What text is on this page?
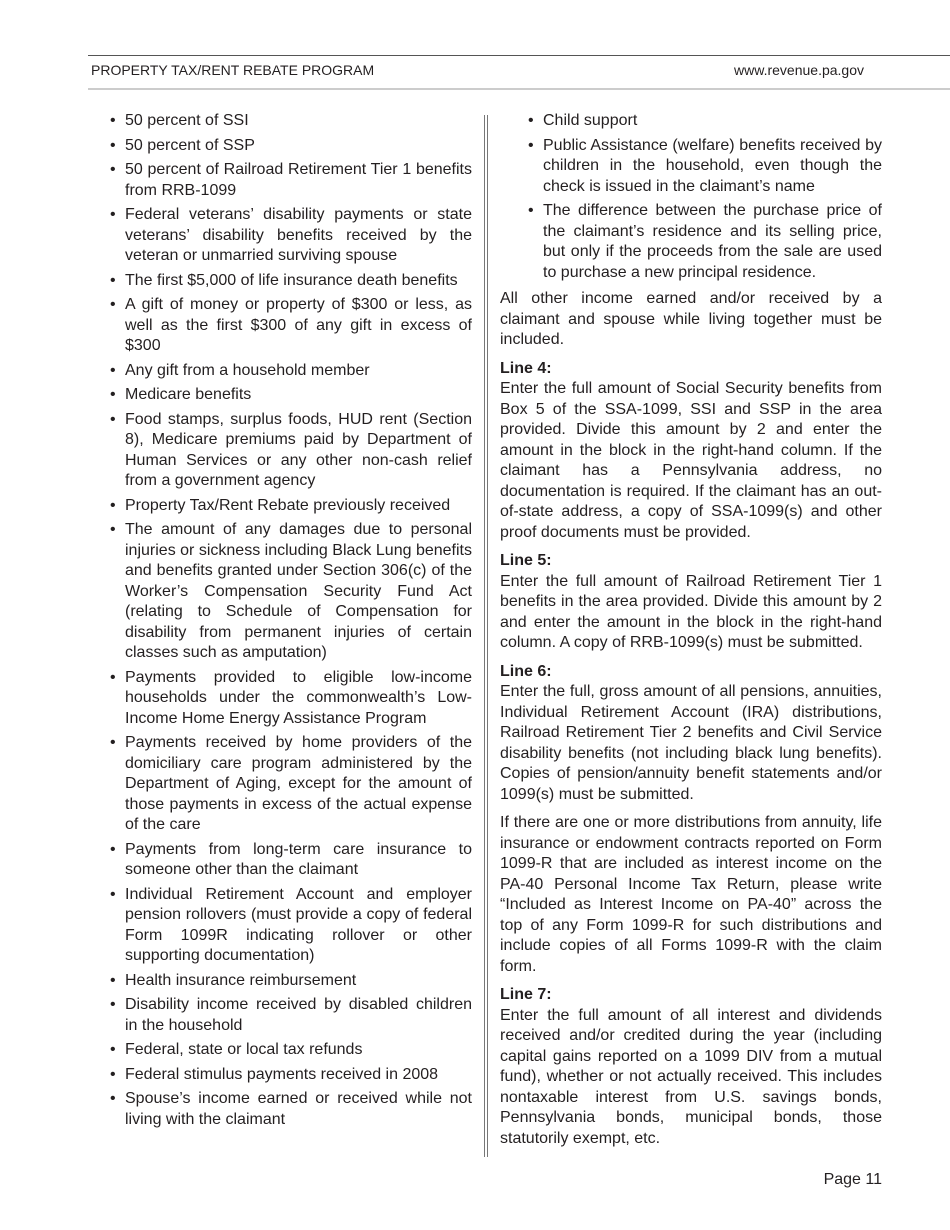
PROPERTY TAX/RENT REBATE PROGRAM	www.revenue.pa.gov
• 50 percent of SSI
• 50 percent of SSP
• 50 percent of Railroad Retirement Tier 1 benefits from RRB-1099
• Federal veterans’ disability payments or state veterans’ disability benefits received by the veteran or unmarried surviving spouse
• The first $5,000 of life insurance death benefits
• A gift of money or property of $300 or less, as well as the first $300 of any gift in excess of $300
• Any gift from a household member
• Medicare benefits
• Food stamps, surplus foods, HUD rent (Section 8), Medicare premiums paid by Department of Human Services or any other non-cash relief from a government agency
• Property Tax/Rent Rebate previously received
• The amount of any damages due to personal injuries or sickness including Black Lung benefits and benefits granted under Section 306(c) of the Worker’s Compensation Security Fund Act (relating to Schedule of Compensation for disability from permanent injuries of certain classes such as amputation)
• Payments provided to eligible low-income households under the commonwealth’s Low-Income Home Energy Assistance Program
• Payments received by home providers of the domiciliary care program administered by the Department of Aging, except for the amount of those payments in excess of the actual expense of the care
• Payments from long-term care insurance to someone other than the claimant
• Individual Retirement Account and employer pension rollovers (must provide a copy of federal Form 1099R indicating rollover or other supporting documentation)
• Health insurance reimbursement
• Disability income received by disabled children in the household
• Federal, state or local tax refunds
• Federal stimulus payments received in 2008
• Spouse’s income earned or received while not living with the claimant
• Child support
• Public Assistance (welfare) benefits received by children in the household, even though the check is issued in the claimant’s name
• The difference between the purchase price of the claimant’s residence and its selling price, but only if the proceeds from the sale are used to purchase a new principal residence.

All other income earned and/or received by a claimant and spouse while living together must be included.

Line 4:

Enter the full amount of Social Security benefits from Box 5 of the SSA-1099, SSI and SSP in the area provided. Divide this amount by 2 and enter the amount in the block in the right-hand column. If the claimant has a Pennsylvania address, no documentation is required. If the claimant has an out-of-state address, a copy of SSA-1099(s) and other proof documents must be provided.

Line 5:

Enter the full amount of Railroad Retirement Tier 1 benefits in the area provided. Divide this amount by 2 and enter the amount in the block in the right-hand column. A copy of RRB-1099(s) must be submitted.

Line 6:

Enter the full, gross amount of all pensions, annuities, Individual Retirement Account (IRA) distributions, Railroad Retirement Tier 2 benefits and Civil Service disability benefits (not including black lung benefits). Copies of pension/annuity benefit statements and/or 1099(s) must be submitted.

If there are one or more distributions from annuity, life insurance or endowment contracts reported on Form 1099-R that are included as interest income on the PA-40 Personal Income Tax Return, please write “Included as Interest Income on PA-40” across the top of any Form 1099-R for such distributions and include copies of all Forms 1099-R with the claim form.

Line 7:

Enter the full amount of all interest and dividends received and/or credited during the year (including capital gains reported on a 1099 DIV from a mutual fund), whether or not actually received. This includes nontaxable interest from U.S. savings bonds, Pennsylvania bonds, municipal bonds, those statutorily exempt, etc.

Page 11
